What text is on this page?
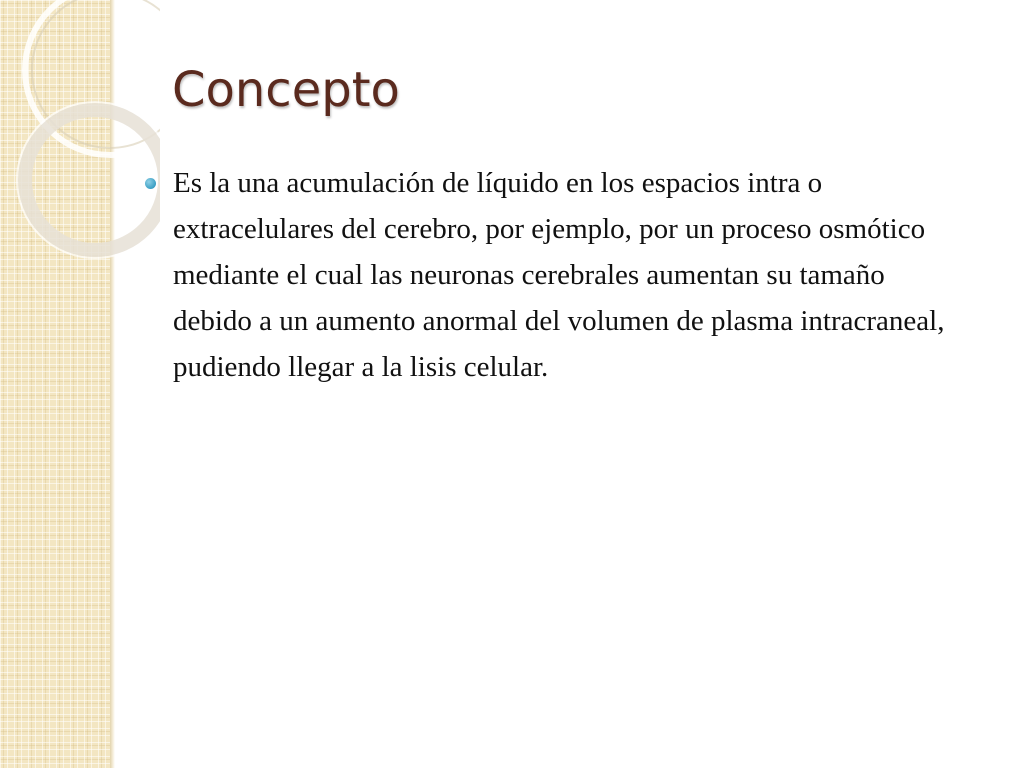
Concepto
Es la una acumulación de líquido en los espacios intra o extracelulares del cerebro, por ejemplo, por un proceso osmótico mediante el cual las neuronas cerebrales aumentan su tamaño debido a un aumento anormal del volumen de plasma intracraneal, pudiendo llegar a la lisis celular.
